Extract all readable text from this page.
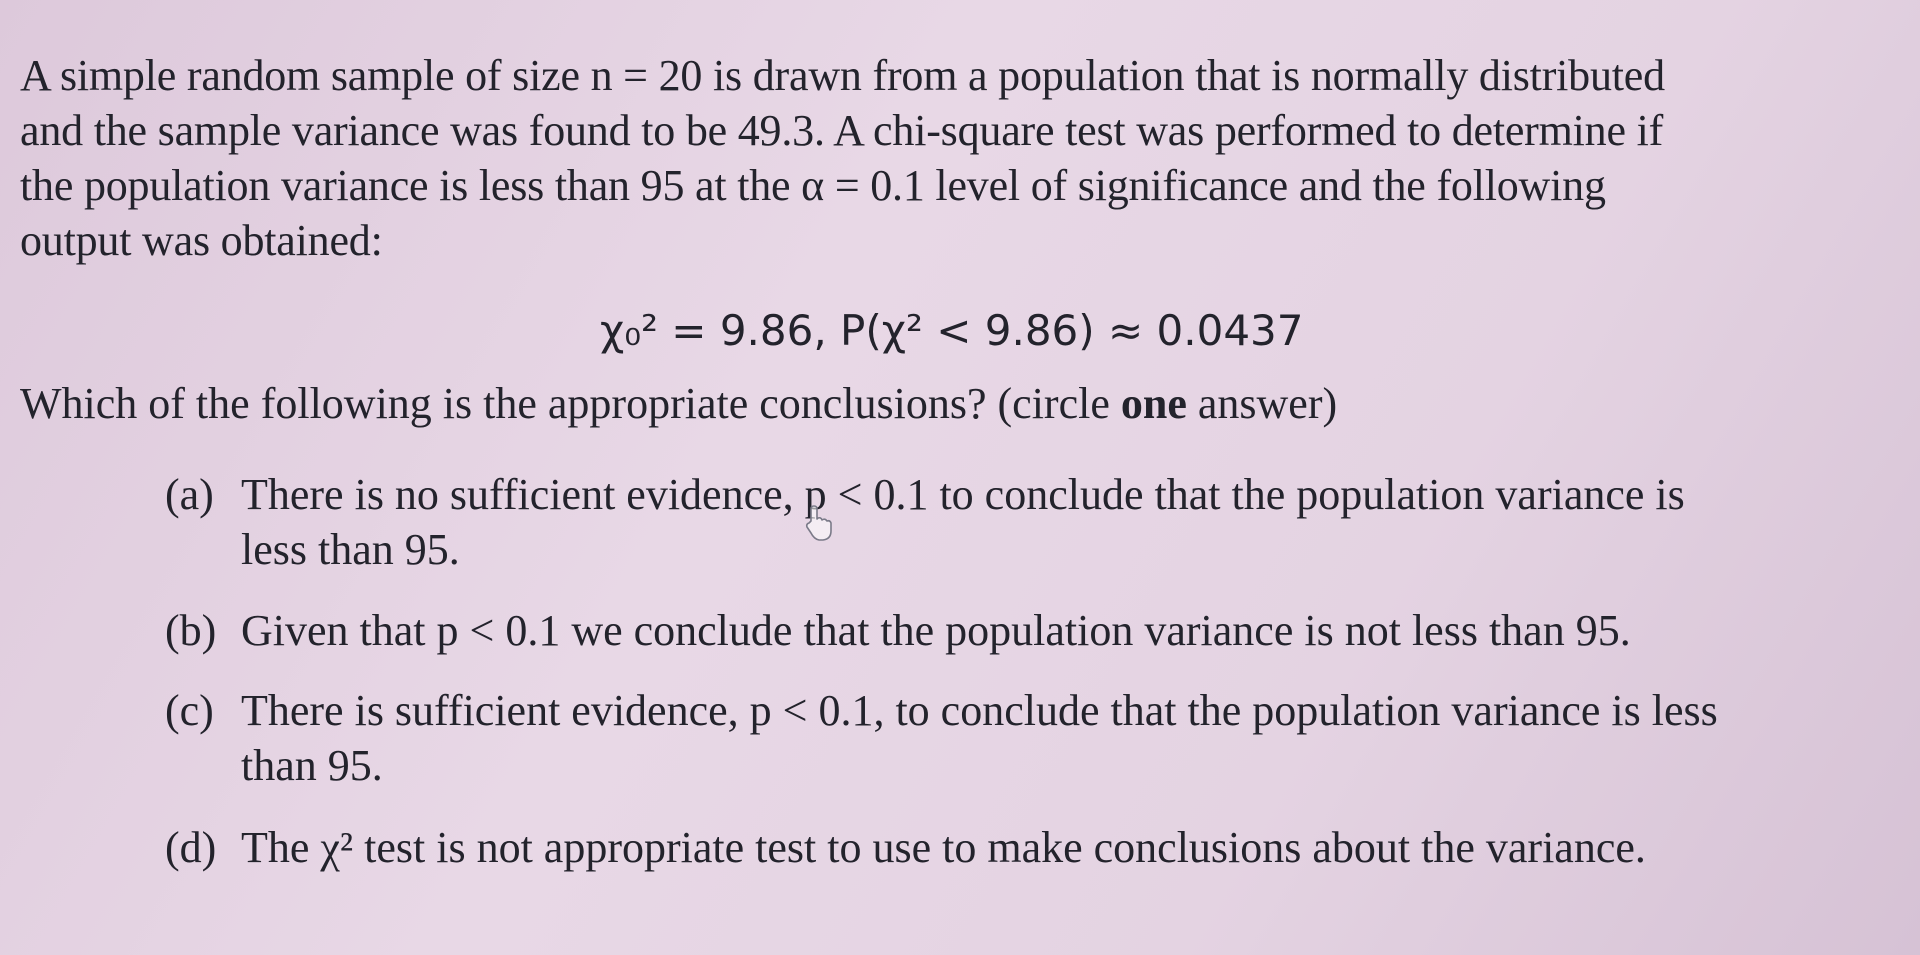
A simple random sample of size n = 20 is drawn from a population that is normally distributed
and the sample variance was found to be 49.3. A chi-square test was performed to determine if
the population variance is less than 95 at the α = 0.1 level of significance and the following
output was obtained:
χ₀² = 9.86, P(χ² < 9.86) ≈ 0.0437
Which of the following is the appropriate conclusions? (circle one answer)
(a) There is no sufficient evidence, p < 0.1 to conclude that the population variance is
less than 95.
(b) Given that p < 0.1 we conclude that the population variance is not less than 95.
(c) There is sufficient evidence, p < 0.1, to conclude that the population variance is less
than 95.
(d) The χ² test is not appropriate test to use to make conclusions about the variance.
